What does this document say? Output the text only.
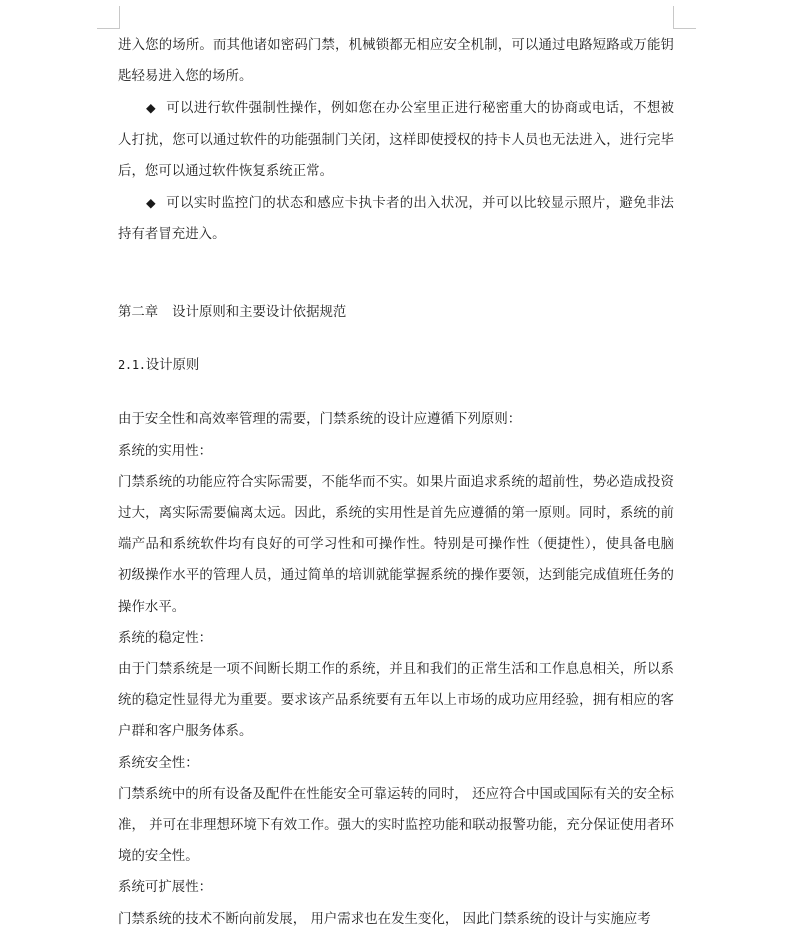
进入您的场所。而其他诸如密码门禁，机械锁都无相应安全机制，可以通过电路短路或万能钥匙轻易进入您的场所。

◆ 可以进行软件强制性操作，例如您在办公室里正进行秘密重大的协商或电话，不想被人打扰，您可以通过软件的功能强制门关闭，这样即使授权的持卡人员也无法进入，进行完毕后，您可以通过软件恢复系统正常。

◆ 可以实时监控门的状态和感应卡执卡者的出入状况，并可以比较显示照片，避免非法持有者冒充进入。

第二章 设计原则和主要设计依据规范

2.1.设计原则

由于安全性和高效率管理的需要，门禁系统的设计应遵循下列原则：

系统的实用性：

门禁系统的功能应符合实际需要，不能华而不实。如果片面追求系统的超前性，势必造成投资过大，离实际需要偏离太远。因此，系统的实用性是首先应遵循的第一原则。同时，系统的前端产品和系统软件均有良好的可学习性和可操作性。特别是可操作性（便捷性），使具备电脑初级操作水平的管理人员，通过简单的培训就能掌握系统的操作要领，达到能完成值班任务的操作水平。

系统的稳定性：

由于门禁系统是一项不间断长期工作的系统，并且和我们的正常生活和工作息息相关，所以系统的稳定性显得尤为重要。要求该产品系统要有五年以上市场的成功应用经验，拥有相应的客户群和客户服务体系。

系统安全性：

门禁系统中的所有设备及配件在性能安全可靠运转的同时， 还应符合中国或国际有关的安全标准， 并可在非理想环境下有效工作。强大的实时监控功能和联动报警功能，充分保证使用者环境的安全性。

系统可扩展性：

门禁系统的技术不断向前发展， 用户需求也在发生变化， 因此门禁系统的设计与实施应考
